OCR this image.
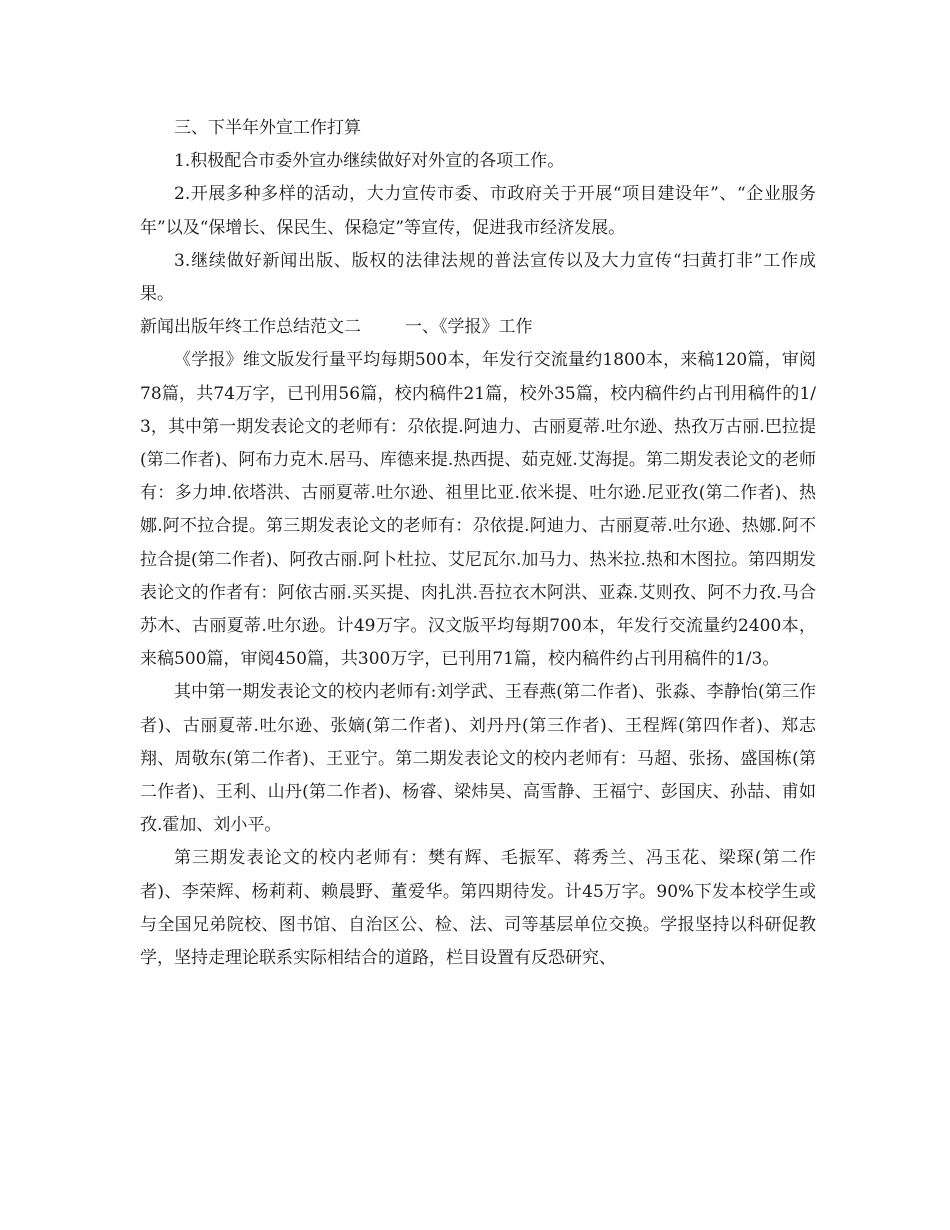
三、下半年外宣工作打算

1.积极配合市委外宣办继续做好对外宣的各项工作。

2.开展多种多样的活动，大力宣传市委、市政府关于开展“项目建设年”、“企业服务年”以及“保增长、保民生、保稳定”等宣传，促进我市经济发展。

3.继续做好新闻出版、版权的法律法规的普法宣传以及大力宣传“扫黄打非”工作成果。

新闻出版年终工作总结范文二	一、《学报》工作

《学报》维文版发行量平均每期500本，年发行交流量约1800本，来稿120篇，审阅78篇，共74万字，已刊用56篇，校内稿件21篇，校外35篇，校内稿件约占刊用稿件的1/3，其中第一期发表论文的老师有：尕依提.阿迪力、古丽夏蒂.吐尔逊、热孜万古丽.巴拉提(第二作者)、阿布力克木.居马、库德来提.热西提、茹克娅.艾海提。第二期发表论文的老师有：多力坤.依塔洪、古丽夏蒂.吐尔逊、祖里比亚.依米提、吐尔逊.尼亚孜(第二作者)、热娜.阿不拉合提。第三期发表论文的老师有：尕依提.阿迪力、古丽夏蒂.吐尔逊、热娜.阿不拉合提(第二作者)、阿孜古丽.阿卜杜拉、艾尼瓦尔.加马力、热米拉.热和木图拉。第四期发表论文的作者有：阿依古丽.买买提、肉扎洪.吾拉衣木阿洪、亚森.艾则孜、阿不力孜.马合苏木、古丽夏蒂.吐尔逊。计49万字。汉文版平均每期700本，年发行交流量约2400本，来稿500篇，审阅450篇，共300万字，已刊用71篇，校内稿件约占刊用稿件的1/3。

其中第一期发表论文的校内老师有:刘学武、王春燕(第二作者)、张淼、李静怡(第三作者)、古丽夏蒂.吐尔逊、张嫡(第二作者)、刘丹丹(第三作者)、王程辉(第四作者)、郑志翔、周敬东(第二作者)、王亚宁。第二期发表论文的校内老师有：马超、张扬、盛国栋(第二作者)、王利、山丹(第二作者)、杨睿、梁炜昊、高雪静、王福宁、彭国庆、孙喆、甫如孜.霍加、刘小平。

第三期发表论文的校内老师有：樊有辉、毛振军、蒋秀兰、冯玉花、梁琛(第二作者)、李荣辉、杨莉莉、赖晨野、董爱华。第四期待发。计45万字。90%下发本校学生或与全国兄弟院校、图书馆、自治区公、检、法、司等基层单位交换。学报坚持以科研促教学，坚持走理论联系实际相结合的道路，栏目设置有反恐研究、
